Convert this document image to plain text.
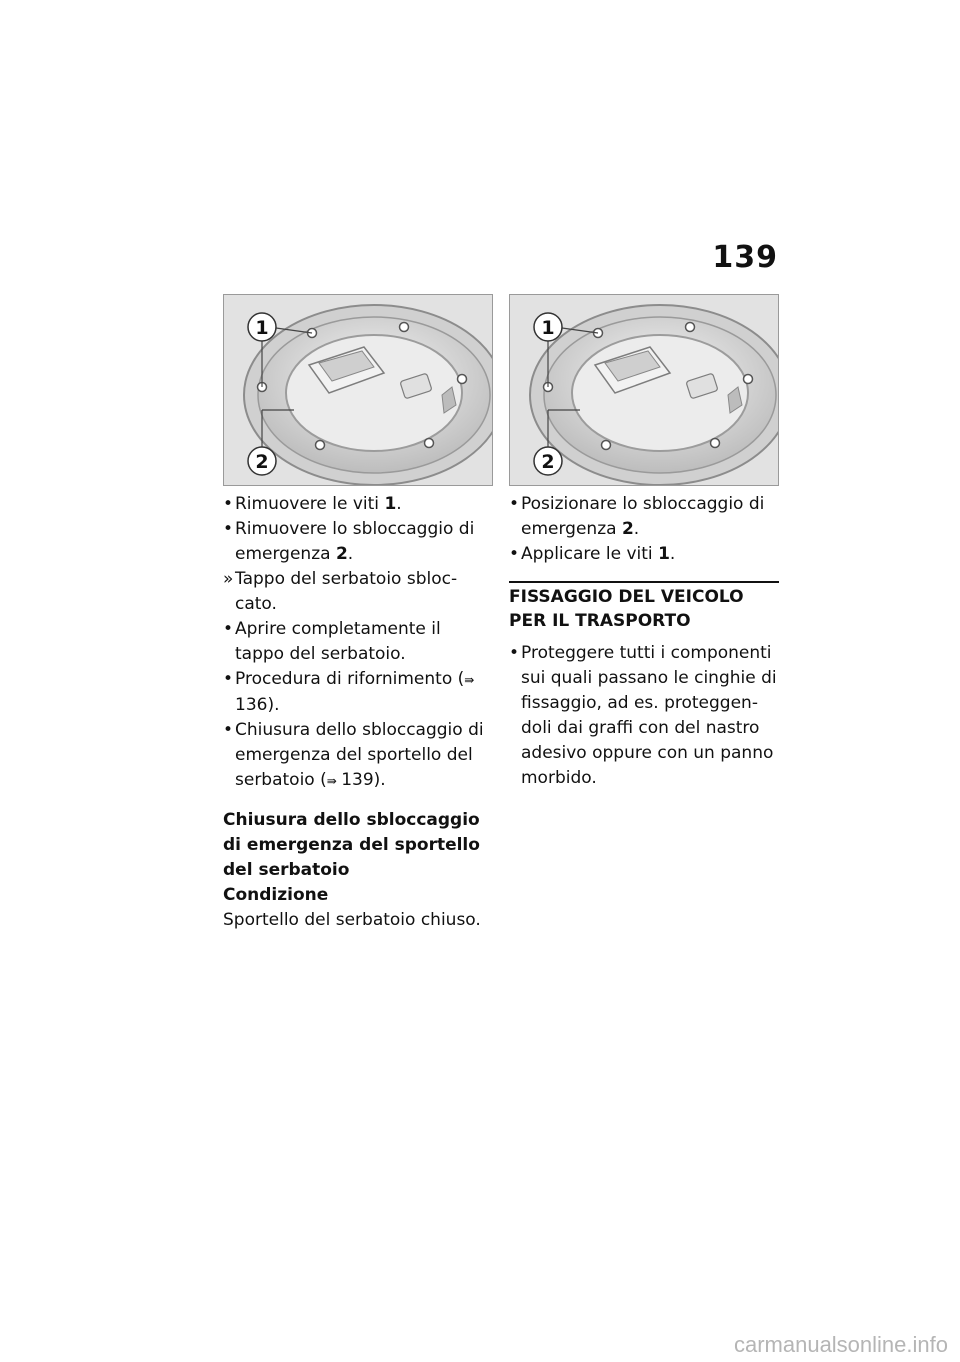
139
1
2
1
2
• Rimuovere le viti 1.
• Rimuovere lo sbloccaggio di emergenza 2.
» Tappo del serbatoio sbloc-cato.
• Aprire completamente il tappo del serbatoio.
• Procedura di rifornimento (⇛ 136).
• Chiusura dello sbloccaggio di emergenza del sportello del serbatoio (⇛ 139).
Chiusura dello sbloccaggio di emergenza del sportello del serbatoio
Condizione

Sportello del serbatoio chiuso.

• Posizionare lo sbloccaggio di emergenza 2.
• Applicare le viti 1.
FISSAGGIO DEL VEICOLO PER IL TRASPORTO
• Proteggere tutti i componenti sui quali passano le cinghie di fissaggio, ad es. proteggen-doli dai graffi con del nastro adesivo oppure con un panno morbido.
carmanualsonline.info
